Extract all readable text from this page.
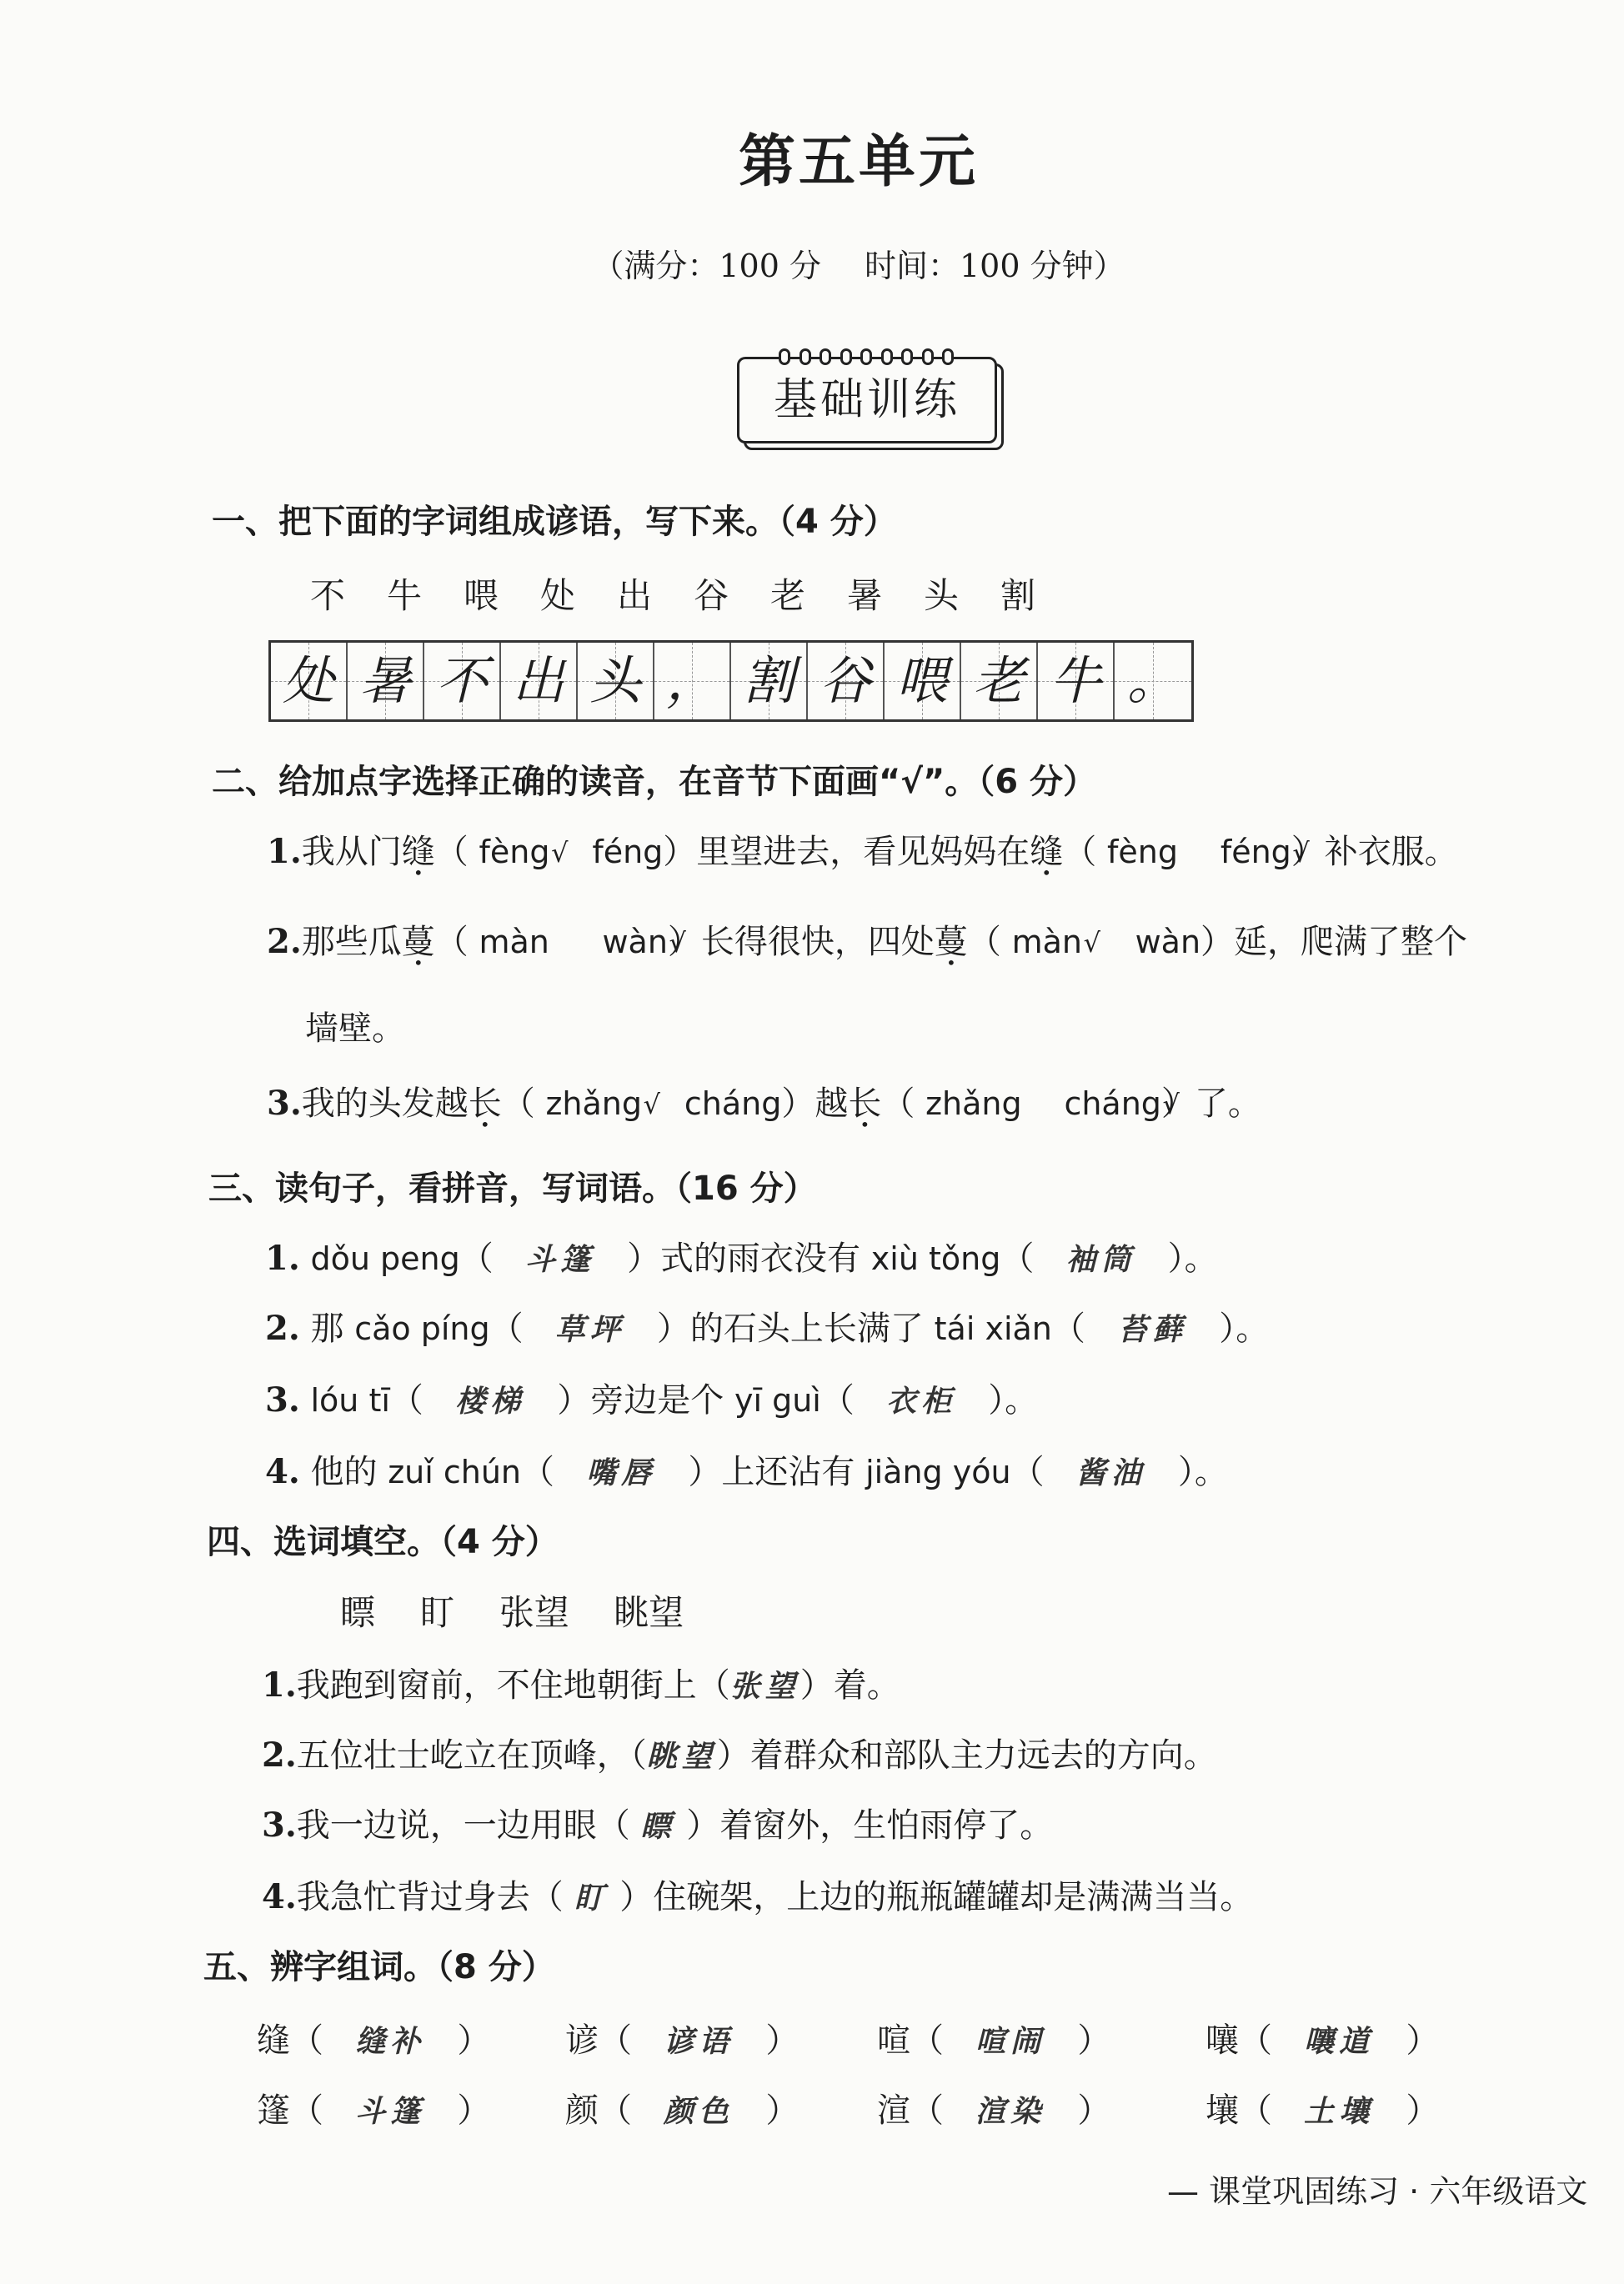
第五单元
（满分：100 分 时间：100 分钟）
基础训练
一、把下面的字词组成谚语，写下来。（4 分）
不 牛 喂 处 出 谷 老 暑 头 割
处 暑 不 出 头 ， 割 谷 喂 老 牛 。
二、给加点字选择正确的读音，在音节下面画“√”。（6 分）
1.我从门缝（ fèng √ féng）里望进去，看见妈妈在缝（ fèng féng √）补衣服。
2.那些瓜蔓（ màn wàn √）长得很快，四处蔓（ màn √ wàn）延，爬满了整个
墙壁。
3.我的头发越长（ zhǎng √ cháng）越长（ zhǎng cháng √）了。
三、读句子，看拼音，写词语。（16 分）
1. dǒu peng（   斗篷 ）式的雨衣没有 xiù tǒng（   袖筒 ）。
2. 那 cǎo píng（   草坪 ）的石头上长满了 tái xiǎn（   苔藓 ）。
3. lóu tī（   楼梯 ）旁边是个 yī guì（   衣柜 ）。
4. 他的 zuǐ chún（   嘴唇 ）上还沾有 jiàng yóu（   酱油 ）。
四、选词填空。（4 分）
瞟 盯 张望 眺望
1.我跑到窗前，不住地朝街上（张望）着。
2.五位壮士屹立在顶峰，（眺望）着群众和部队主力远去的方向。
3.我一边说，一边用眼（ 瞟 ）着窗外，生怕雨停了。
4.我急忙背过身去（ 盯 ）住碗架，上边的瓶瓶罐罐却是满满当当。
五、辨字组词。（8 分）
缝（   缝补   ） 谚（   谚语   ） 喧（   喧闹   ）	嚷（   嚷道   ）
篷（   斗篷   ） 颜（   颜色   ） 渲（   渲染   ）	壤（   土壤   ）
— 课堂巩固练习 · 六年级语文
